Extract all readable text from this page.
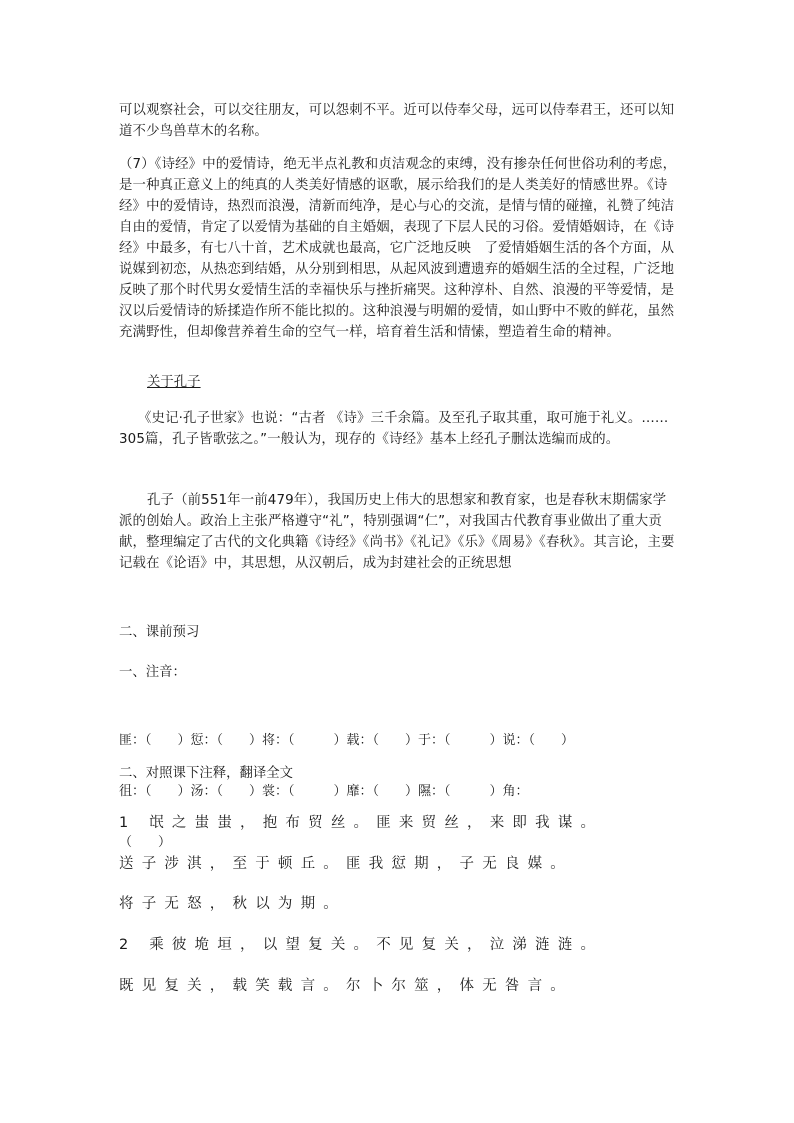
可以观察社会，可以交往朋友，可以怨刺不平。近可以侍奉父母，远可以侍奉君王，还可以知道不少鸟兽草木的名称。
（7）《诗经》中的爱情诗，绝无半点礼教和贞洁观念的束缚，没有掺杂任何世俗功利的考虑，是一种真正意义上的纯真的人类美好情感的讴歌，展示给我们的是人类美好的情感世界。《诗经》中的爱情诗，热烈而浪漫，清新而纯净，是心与心的交流，是情与情的碰撞，礼赞了纯洁自由的爱情，肯定了以爱情为基础的自主婚姻，表现了下层人民的习俗。爱情婚姻诗，在《诗经》中最多，有七八十首，艺术成就也最高，它广泛地反映　了爱情婚姻生活的各个方面，从说媒到初恋，从热恋到结婚，从分别到相思，从起风波到遭遗弃的婚姻生活的全过程，广泛地反映了那个时代男女爱情生活的幸福快乐与挫折痛哭。这种淳朴、自然、浪漫的平等爱情，是汉以后爱情诗的矫揉造作所不能比拟的。这种浪漫与明媚的爱情，如山野中不败的鲜花，虽然充满野性，但却像营养着生命的空气一样，培育着生活和情愫，塑造着生命的精神。
关于孔子
《史记·孔子世家》也说：“古者 《诗》三千余篇。及至孔子取其重，取可施于礼义。……305篇，孔子皆歌弦之。”一般认为，现存的《诗经》基本上经孔子删汰选编而成的。
孔子（前551年一前479年），我国历史上伟大的思想家和教育家，也是春秋末期儒家学派的创始人。政治上主张严格遵守“礼”，特别强调“仁”，对我国古代教育事业做出了重大贡献，整理编定了古代的文化典籍《诗经》《尚书》《礼记》《乐》《周易》《春秋》。其言论，主要记载在《论语》中，其思想，从汉朝后，成为封建社会的正统思想
二、课前预习
一、注音：

匪：（　　）愆：（　　）将：（　　　）载：（　　）于：（　　　）说：（　　）

徂：（　　）汤：（　　）裳：（　　　）靡：（　　）隰：（　　　）角：

（　　）

二、对照课下注释，翻译全文
1 氓之蚩蚩，抱布贸丝。匪来贸丝，来即我谋。
送子涉淇，至于顿丘。匪我愆期，子无良媒。
将子无怒，秋以为期。
2 乘彼垝垣，以望复关。不见复关，泣涕涟涟。
既见复关，载笑载言。尔卜尔筮，体无咎言。
